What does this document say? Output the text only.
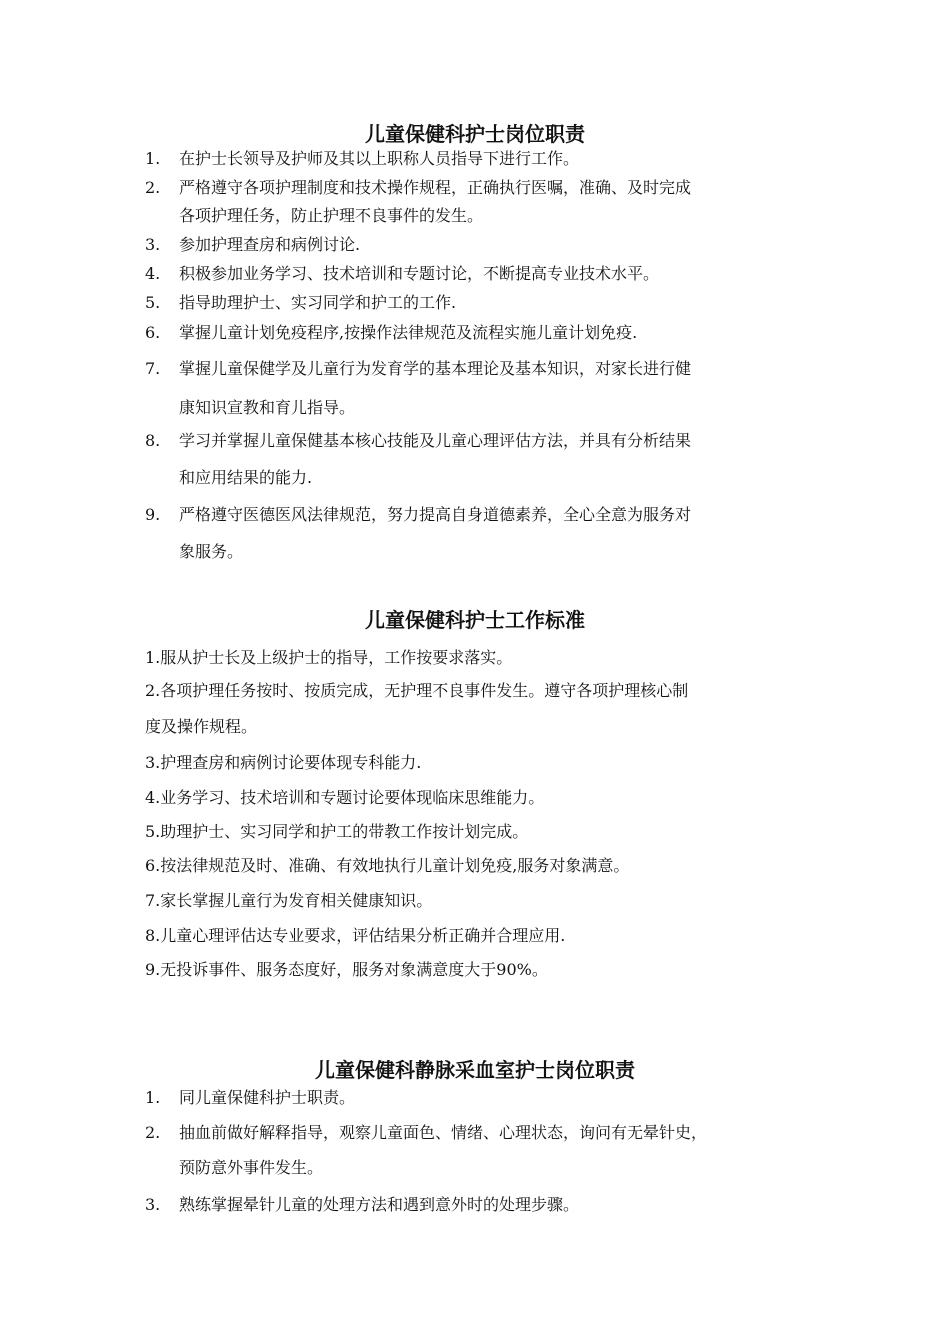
儿童保健科护士岗位职责
1.	在护士长领导及护师及其以上职称人员指导下进行工作。
2.	严格遵守各项护理制度和技术操作规程，正确执行医嘱，准确、及时完成
各项护理任务，防止护理不良事件的发生。
3.	参加护理查房和病例讨论.
4.	积极参加业务学习、技术培训和专题讨论，不断提高专业技术水平。
5.	指导助理护士、实习同学和护工的工作.
6.	掌握儿童计划免疫程序,按操作法律规范及流程实施儿童计划免疫.
7.	掌握儿童保健学及儿童行为发育学的基本理论及基本知识，对家长进行健
康知识宣教和育儿指导。
8.	学习并掌握儿童保健基本核心技能及儿童心理评估方法，并具有分析结果
和应用结果的能力.
9.	严格遵守医德医风法律规范，努力提高自身道德素养，全心全意为服务对
象服务。
儿童保健科护士工作标准
1.服从护士长及上级护士的指导，工作按要求落实。
2.各项护理任务按时、按质完成，无护理不良事件发生。遵守各项护理核心制
度及操作规程。
3.护理查房和病例讨论要体现专科能力.
4.业务学习、技术培训和专题讨论要体现临床思维能力。
5.助理护士、实习同学和护工的带教工作按计划完成。
6.按法律规范及时、准确、有效地执行儿童计划免疫,服务对象满意。
7.家长掌握儿童行为发育相关健康知识。
8.儿童心理评估达专业要求，评估结果分析正确并合理应用.
9.无投诉事件、服务态度好，服务对象满意度大于90%。
儿童保健科静脉采血室护士岗位职责
1.	同儿童保健科护士职责。
2.	抽血前做好解释指导，观察儿童面色、情绪、心理状态，询问有无晕针史，
预防意外事件发生。
3.	熟练掌握晕针儿童的处理方法和遇到意外时的处理步骤。
